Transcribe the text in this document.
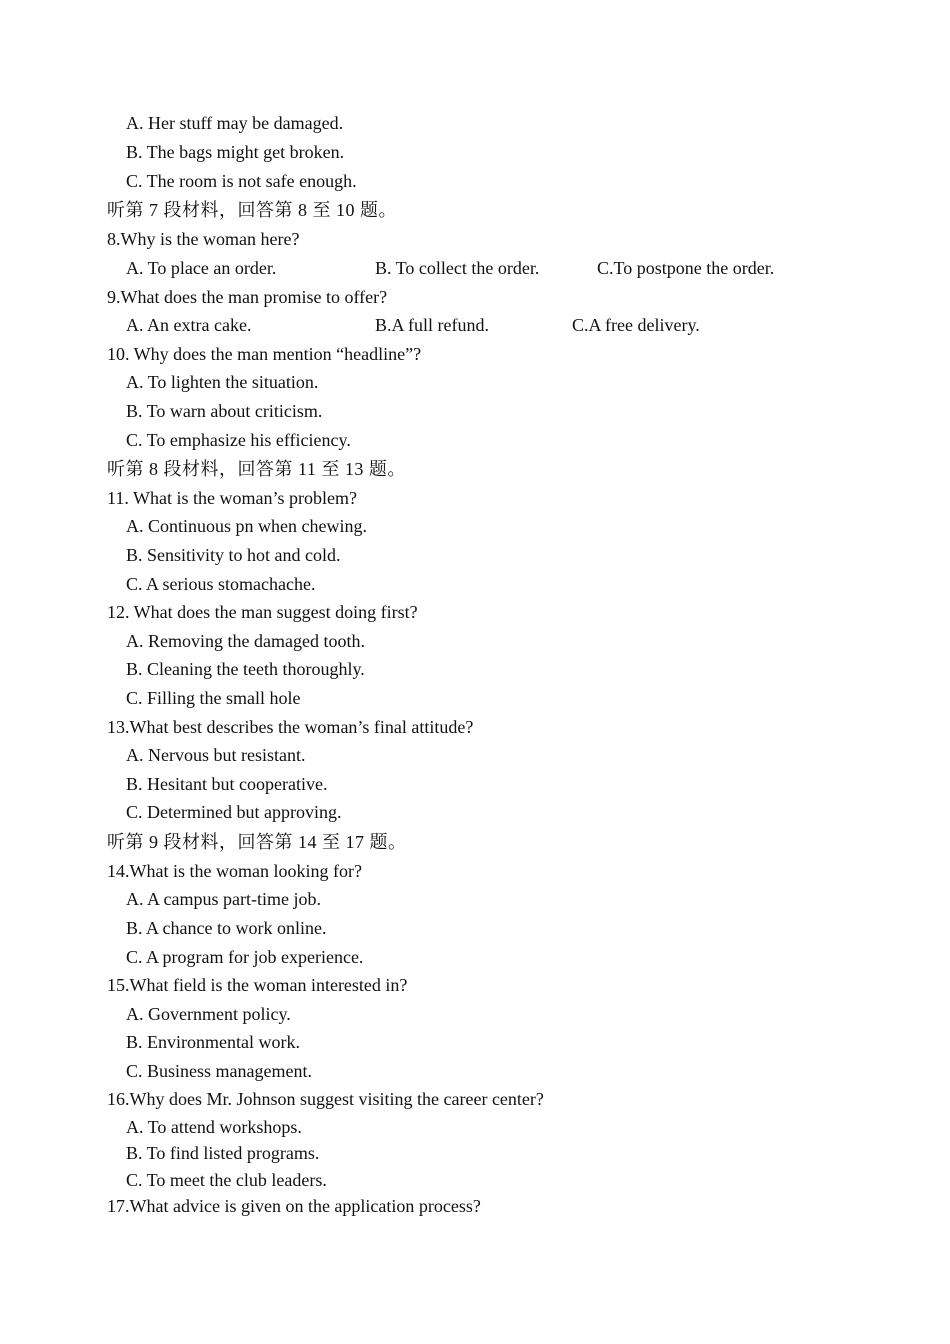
A. Her stuff may be damaged.
B. The bags might get broken.
C. The room is not safe enough.
听第 7 段材料，回答第 8 至 10 题。
8.Why is the woman here?
A. To place an order.	B. To collect the order.	C.To postpone the order.
9.What does the man promise to offer?
A. An extra cake.	B.A full refund.	C.A free delivery.
10. Why does the man mention “headline”?
A. To lighten the situation.
B. To warn about criticism.
C. To emphasize his efficiency.
听第 8 段材料，回答第 11 至 13 题。
11. What is the woman’s problem?
A. Continuous pn when chewing.
B. Sensitivity to hot and cold.
C. A serious stomachache.
12. What does the man suggest doing first?
A. Removing the damaged tooth.
B. Cleaning the teeth thoroughly.
C. Filling the small hole
13.What best describes the woman’s final attitude?
A. Nervous but resistant.
B. Hesitant but cooperative.
C. Determined but approving.
听第 9 段材料，回答第 14 至 17 题。
14.What is the woman looking for?
A. A campus part-time job.
B. A chance to work online.
C. A program for job experience.
15.What field is the woman interested in?
A. Government policy.
B. Environmental work.
C. Business management.
16.Why does Mr. Johnson suggest visiting the career center?
A. To attend workshops.
B. To find listed programs.
C. To meet the club leaders.
17.What advice is given on the application process?
